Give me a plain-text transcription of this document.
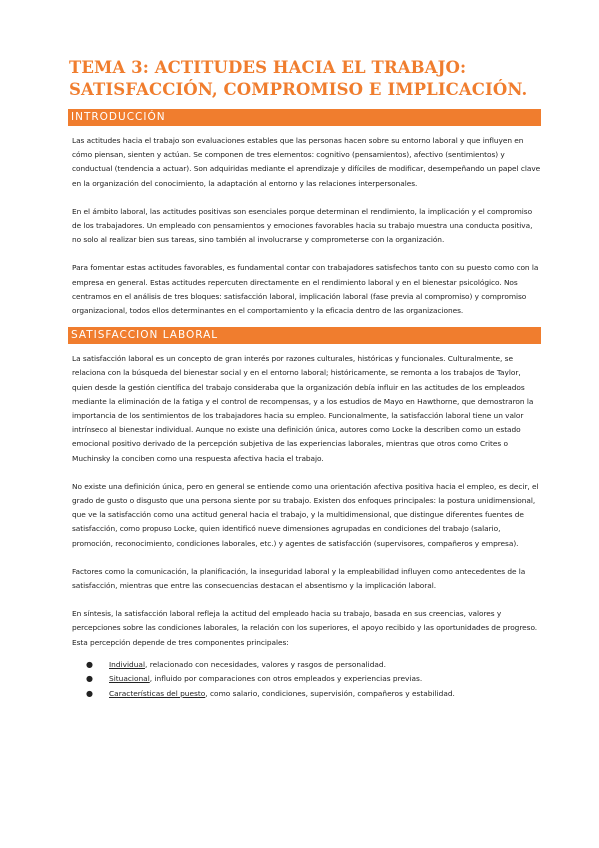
TEMA 3: ACTITUDES HACIA EL TRABAJO:
SATISFACCIÓN, COMPROMISO E IMPLICACIÓN.
INTRODUCCIÓN

Las actitudes hacia el trabajo son evaluaciones estables que las personas hacen sobre su entorno laboral y que influyen en cómo piensan, sienten y actúan. Se componen de tres elementos: cognitivo (pensamientos), afectivo (sentimientos) y conductual (tendencia a actuar). Son adquiridas mediante el aprendizaje y difíciles de modificar, desempeñando un papel clave en la organización del conocimiento, la adaptación al entorno y las relaciones interpersonales.

En el ámbito laboral, las actitudes positivas son esenciales porque determinan el rendimiento, la implicación y el compromiso de los trabajadores. Un empleado con pensamientos y emociones favorables hacia su trabajo muestra una conducta positiva, no solo al realizar bien sus tareas, sino también al involucrarse y comprometerse con la organización.

Para fomentar estas actitudes favorables, es fundamental contar con trabajadores satisfechos tanto con su puesto como con la empresa en general. Estas actitudes repercuten directamente en el rendimiento laboral y en el bienestar psicológico. Nos centramos en el análisis de tres bloques: satisfacción laboral, implicación laboral (fase previa al compromiso) y compromiso organizacional, todos ellos determinantes en el comportamiento y la eficacia dentro de las organizaciones.

SATISFACCION LABORAL

La satisfacción laboral es un concepto de gran interés por razones culturales, históricas y funcionales. Culturalmente, se relaciona con la búsqueda del bienestar social y en el entorno laboral; históricamente, se remonta a los trabajos de Taylor, quien desde la gestión científica del trabajo consideraba que la organización debía influir en las actitudes de los empleados mediante la eliminación de la fatiga y el control de recompensas, y a los estudios de Mayo en Hawthorne, que demostraron la importancia de los sentimientos de los trabajadores hacia su empleo. Funcionalmente, la satisfacción laboral tiene un valor intrínseco al bienestar individual. Aunque no existe una definición única, autores como Locke la describen como un estado emocional positivo derivado de la percepción subjetiva de las experiencias laborales, mientras que otros como Crites o Muchinsky la conciben como una respuesta afectiva hacia el trabajo.

No existe una definición única, pero en general se entiende como una orientación afectiva positiva hacia el empleo, es decir, el grado de gusto o disgusto que una persona siente por su trabajo. Existen dos enfoques principales: la postura unidimensional, que ve la satisfacción como una actitud general hacia el trabajo, y la multidimensional, que distingue diferentes fuentes de satisfacción, como propuso Locke, quien identificó nueve dimensiones agrupadas en condiciones del trabajo (salario, promoción, reconocimiento, condiciones laborales, etc.) y agentes de satisfacción (supervisores, compañeros y empresa).

Factores como la comunicación, la planificación, la inseguridad laboral y la empleabilidad influyen como antecedentes de la satisfacción, mientras que entre las consecuencias destacan el absentismo y la implicación laboral.

En síntesis, la satisfacción laboral refleja la actitud del empleado hacia su trabajo, basada en sus creencias, valores y percepciones sobre las condiciones laborales, la relación con los superiores, el apoyo recibido y las oportunidades de progreso. Esta percepción depende de tres componentes principales:

● Individual, relacionado con necesidades, valores y rasgos de personalidad.
● Situacional, influido por comparaciones con otros empleados y experiencias previas.
● Características del puesto, como salario, condiciones, supervisión, compañeros y estabilidad.
